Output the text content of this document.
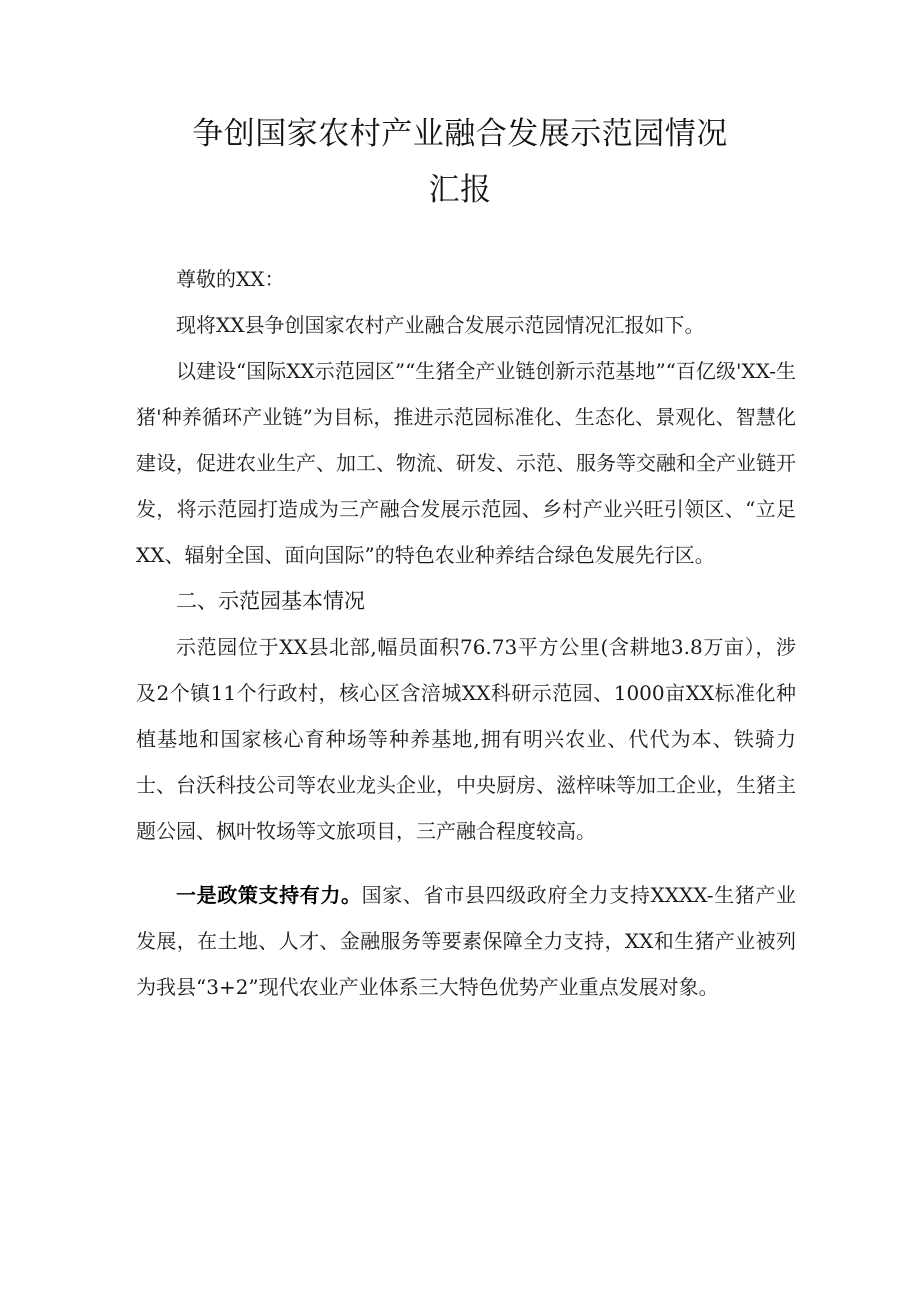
争创国家农村产业融合发展示范园情况
汇报

尊敬的XX：

现将XX县争创国家农村产业融合发展示范园情况汇报如下。

以建设“国际XX示范园区”“生猪全产业链创新示范基地”“百亿级'XX-生猪'种养循环产业链”为目标，推进示范园标准化、生态化、景观化、智慧化建设，促进农业生产、加工、物流、研发、示范、服务等交融和全产业链开发，将示范园打造成为三产融合发展示范园、乡村产业兴旺引领区、“立足XX、辐射全国、面向国际”的特色农业种养结合绿色发展先行区。

二、示范园基本情况

示范园位于XX县北部,幅员面积76.73平方公里(含耕地3.8万亩），涉及2个镇11个行政村，核心区含涪城XX科研示范园、1000亩XX标准化种植基地和国家核心育种场等种养基地,拥有明兴农业、代代为本、铁骑力士、台沃科技公司等农业龙头企业，中央厨房、滋梓味等加工企业，生猪主题公园、枫叶牧场等文旅项目，三产融合程度较高。

一是政策支持有力。国家、省市县四级政府全力支持XXXX-生猪产业发展，在土地、人才、金融服务等要素保障全力支持，XX和生猪产业被列为我县“3+2”现代农业产业体系三大特色优势产业重点发展对象。
